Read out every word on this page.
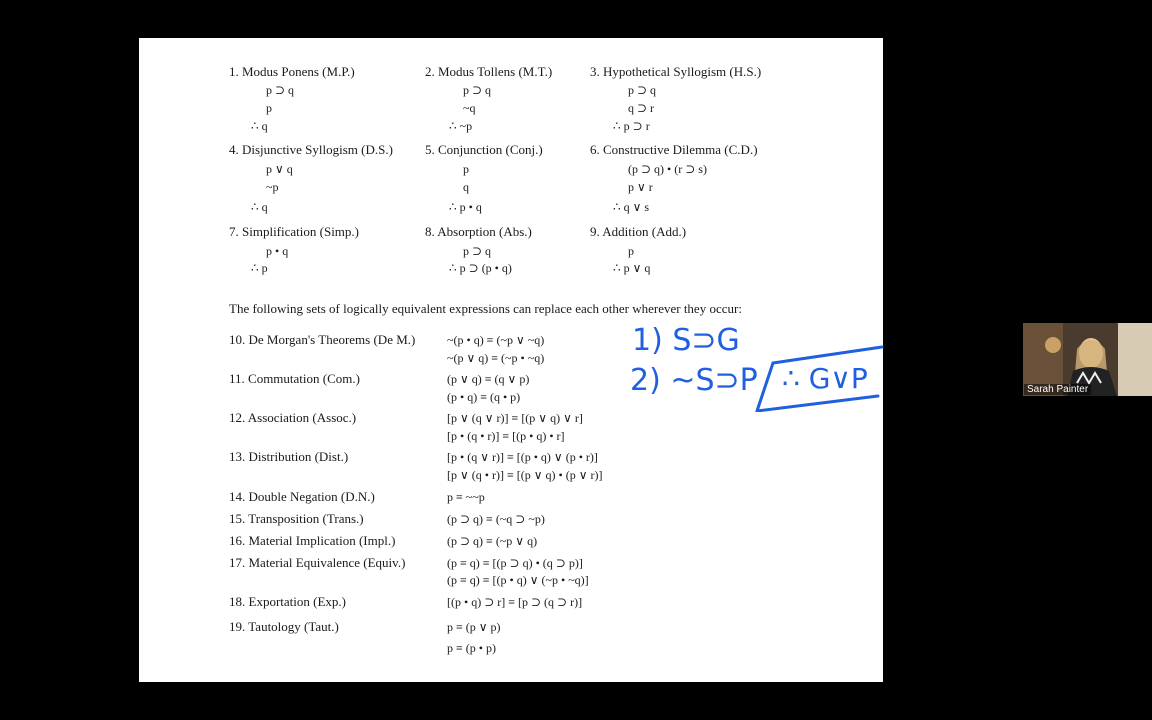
1. Modus Ponens (M.P.)
p ⊃ q
p
∴ q
2. Modus Tollens (M.T.)
p ⊃ q
~q
∴ ~p
3. Hypothetical Syllogism (H.S.)
p ⊃ q
q ⊃ r
∴ p ⊃ r
4. Disjunctive Syllogism (D.S.)
p ∨ q
~p
∴ q
5. Conjunction (Conj.)
p
q
∴ p • q
6. Constructive Dilemma (C.D.)
(p ⊃ q) • (r ⊃ s)
p ∨ r
∴ q ∨ s
7. Simplification (Simp.)
p • q
∴ p
8. Absorption (Abs.)
p ⊃ q
∴ p ⊃ (p • q)
9. Addition (Add.)
p
∴ p ∨ q
The following sets of logically equivalent expressions can replace each other wherever they occur:
10. De Morgan's Theorems (De M.)	~(p • q) ≡ (~p ∨ ~q)
~(p ∨ q) ≡ (~p • ~q)
11. Commutation (Com.)	(p ∨ q) ≡ (q ∨ p)
(p • q) ≡ (q • p)
12. Association (Assoc.)	[p ∨ (q ∨ r)] ≡ [(p ∨ q) ∨ r]
[p • (q • r)] ≡ [(p • q) • r]
13. Distribution (Dist.)	[p • (q ∨ r)] ≡ [(p • q) ∨ (p • r)]
[p ∨ (q • r)] ≡ [(p ∨ q) • (p ∨ r)]
14. Double Negation (D.N.)	p ≡ ~~p
15. Transposition (Trans.)	(p ⊃ q) ≡ (~q ⊃ ~p)
16. Material Implication (Impl.)	(p ⊃ q) ≡ (~p ∨ q)
17. Material Equivalence (Equiv.)	(p ≡ q) ≡ [(p ⊃ q) • (q ⊃ p)]
(p ≡ q) ≡ [(p • q) ∨ (~p • ~q)]
18. Exportation (Exp.)	[(p • q) ⊃ r] ≡ [p ⊃ (q ⊃ r)]
19. Tautology (Taut.)	p ≡ (p ∨ p)
p ≡ (p • p)
1) S⊃G
2) ~S⊃P ∴ G∨P	Sarah Painter
